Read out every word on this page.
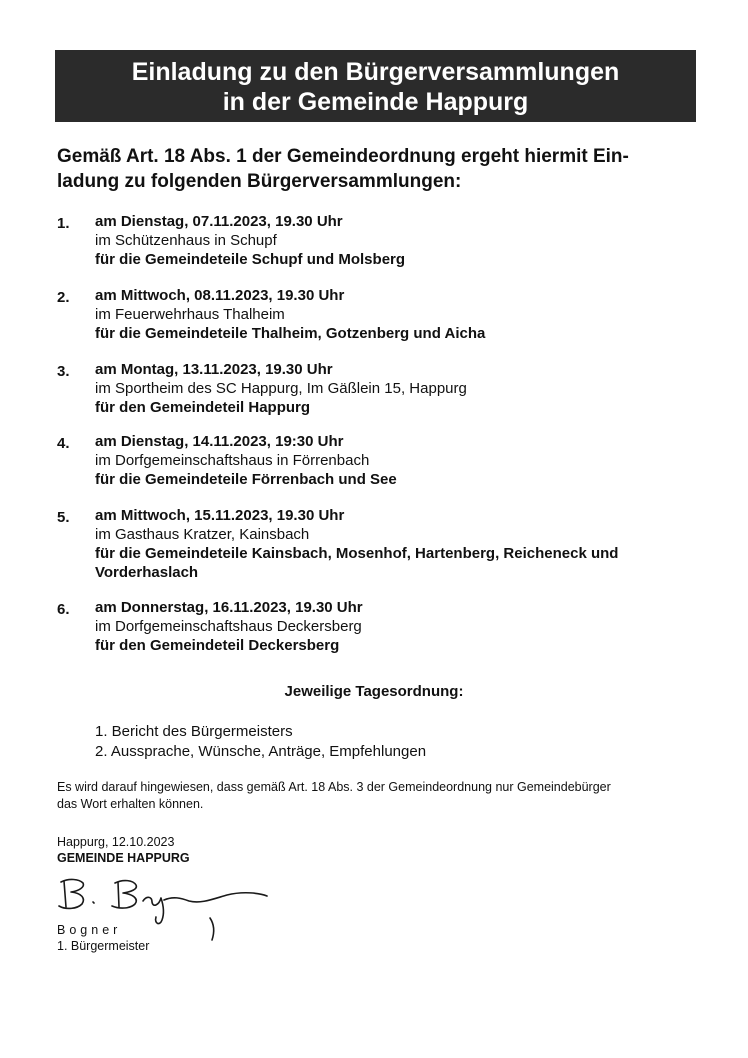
Einladung zu den Bürgerversammlungen
in der Gemeinde Happurg
Gemäß Art. 18 Abs. 1 der Gemeindeordnung ergeht hiermit Ein-
ladung zu folgenden Bürgerversammlungen:
1. am Dienstag, 07.11.2023, 19.30 Uhr
im Schützenhaus in Schupf
für die Gemeindeteile Schupf und Molsberg
2. am Mittwoch, 08.11.2023, 19.30 Uhr
im Feuerwehrhaus Thalheim
für die Gemeindeteile Thalheim, Gotzenberg und Aicha
3. am Montag, 13.11.2023, 19.30 Uhr
im Sportheim des SC Happurg, Im Gäßlein 15, Happurg
für den Gemeindeteil Happurg
4. am Dienstag, 14.11.2023, 19:30 Uhr
im Dorfgemeinschaftshaus in Förrenbach
für die Gemeindeteile Förrenbach und See
5. am Mittwoch, 15.11.2023, 19.30 Uhr
im Gasthaus Kratzer, Kainsbach
für die Gemeindeteile Kainsbach, Mosenhof, Hartenberg, Reicheneck und
Vorderhaslach
6. am Donnerstag, 16.11.2023, 19.30 Uhr
im Dorfgemeinschaftshaus Deckersberg
für den Gemeindeteil Deckersberg
Jeweilige Tagesordnung:
1. Bericht des Bürgermeisters
2. Aussprache, Wünsche, Anträge, Empfehlungen
Es wird darauf hingewiesen, dass gemäß Art. 18 Abs. 3 der Gemeindeordnung nur Gemeindebürger
das Wort erhalten können.
Happurg, 12.10.2023
GEMEINDE HAPPURG
Bogner
1. Bürgermeister
